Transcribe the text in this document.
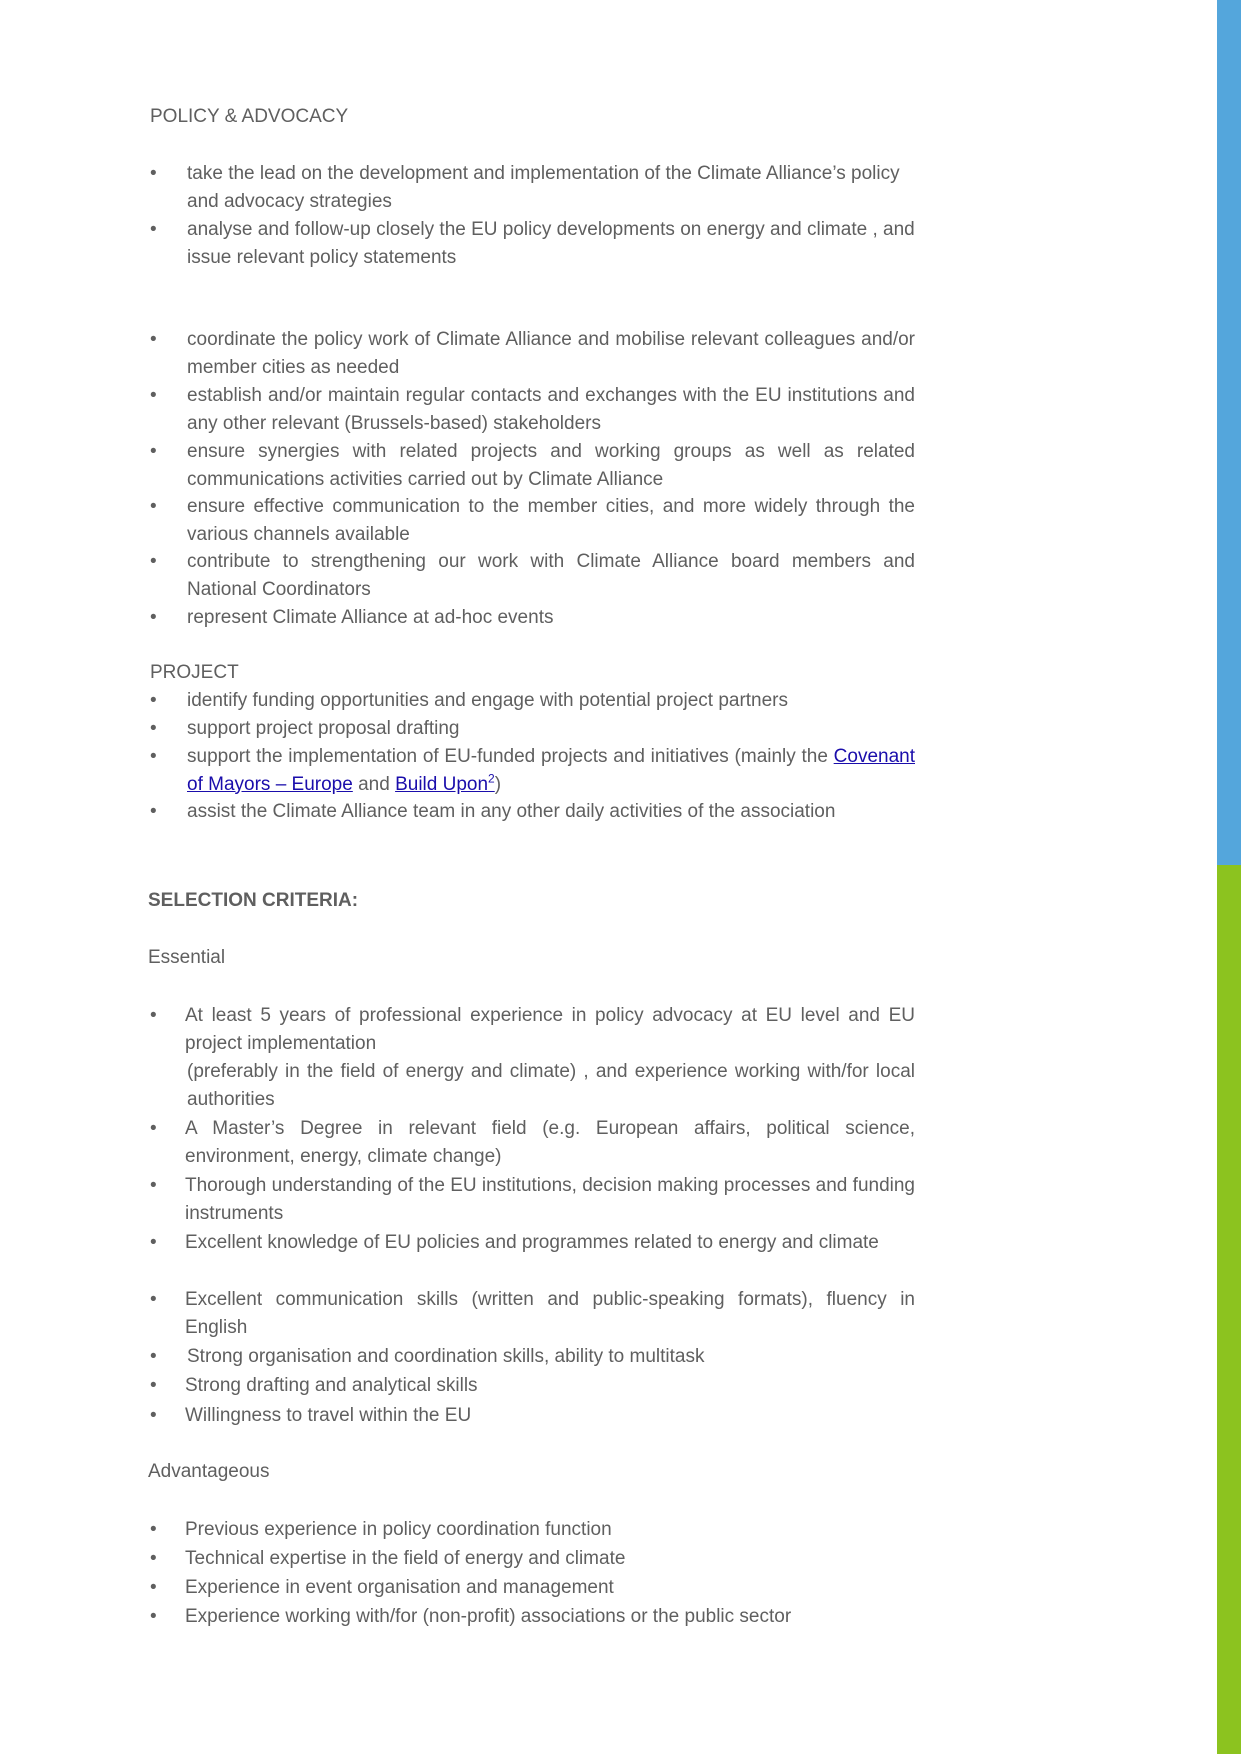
POLICY & ADVOCACY
• take the lead on the development and implementation of the Climate Alliance’s policy and advocacy strategies
• analyse and follow-up closely the EU policy developments on energy and climate , and issue relevant policy statements
• coordinate the policy work of Climate Alliance and mobilise relevant colleagues and/or member cities as needed
• establish and/or maintain regular contacts and exchanges with the EU institutions and any other relevant (Brussels-based) stakeholders
• ensure synergies with related projects and working groups as well as related communications activities carried out by Climate Alliance
• ensure effective communication to the member cities, and more widely through the various channels available
• contribute to strengthening our work with Climate Alliance board members and National Coordinators
• represent Climate Alliance at ad-hoc events
PROJECT
• identify funding opportunities and engage with potential project partners
• support project proposal drafting
• support the implementation of EU-funded projects and initiatives (mainly the Covenant of Mayors – Europe and Build Upon$^2$)
• assist the Climate Alliance team in any other daily activities of the association
SELECTION CRITERIA:
Essential
• At least 5 years of professional experience in policy advocacy at EU level and EU project implementation
(preferably in the field of energy and climate) , and experience working with/for local authorities
• A Master’s Degree in relevant field (e.g. European affairs, political science, environment, energy, climate change)
• Thorough understanding of the EU institutions, decision making processes and funding instruments
• Excellent knowledge of EU policies and programmes related to energy and climate
• Excellent communication skills (written and public-speaking formats), fluency in English
• Strong organisation and coordination skills, ability to multitask
• Strong drafting and analytical skills
• Willingness to travel within the EU
Advantageous
• Previous experience in policy coordination function
• Technical expertise in the field of energy and climate
• Experience in event organisation and management
• Experience working with/for (non-profit) associations or the public sector
